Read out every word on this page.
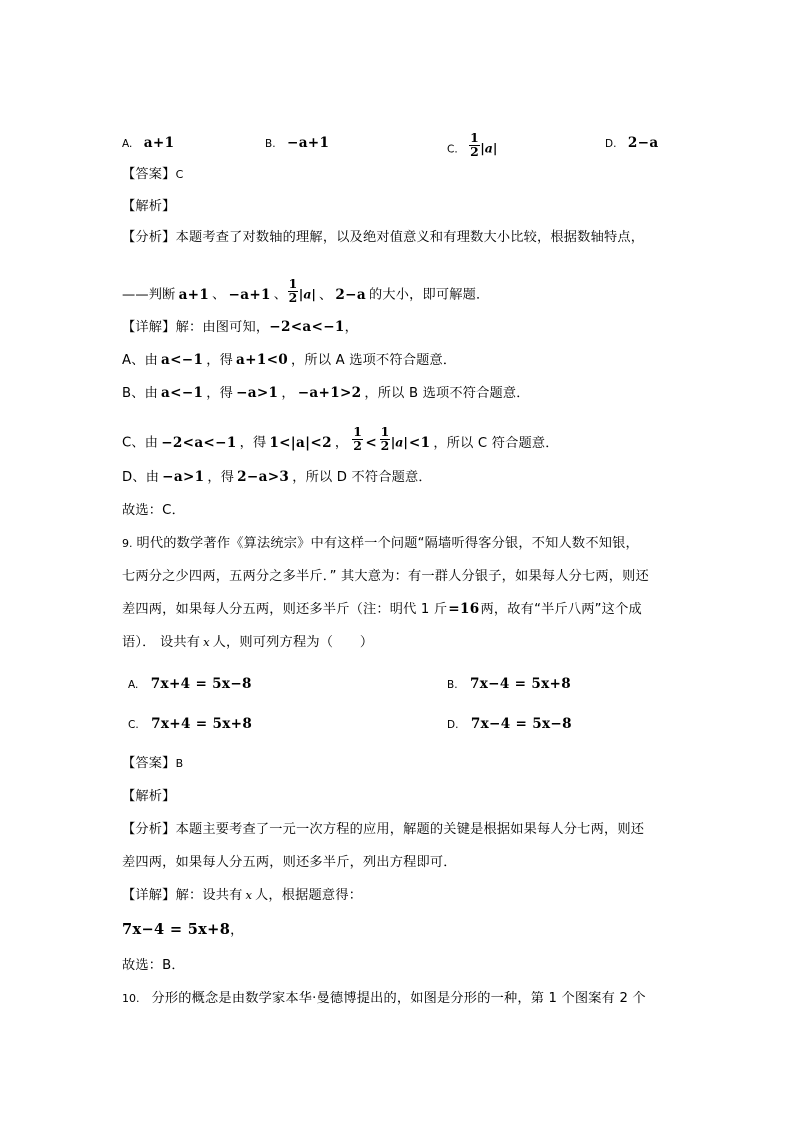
A. a+1	B. −a+1	C. $\frac{1}{2} |a|$	D. 2−a
【答案】C
【解析】
【分析】本题考查了对数轴的理解，以及绝对值意义和有理数大小比较，根据数轴特点，
——判断 a+1 、 −a+1 、 $\frac{1}{2} |a|$ 、 2−a 的大小，即可解题．
【详解】解：由图可知，−2<a<−1，
A、由 a<−1 ，得 a+1<0 ，所以 A 选项不符合题意．
B、由 a<−1 ，得 −a>1 ， −a+1>2 ，所以 B 选项不符合题意．
C、由 −2<a<−1 ，得 1<|a|<2 ， $\frac{1}{2} < \frac{1}{2} |a|<1$ ，所以 C 符合题意．
D、由 −a>1 ，得 2−a>3 ，所以 D 不符合题意．
故选：C．
9. 明代的数学著作《算法统宗》中有这样一个问题“隔墙听得客分银，不知人数不知银，
七两分之少四两，五两分之多半斤．” 其大意为：有一群人分银子，如果每人分七两，则还
差四两，如果每人分五两，则还多半斤（注：明代 1 斤=16两，故有“半斤八两”这个成
语）． 设共有 x 人，则可列方程为（　　）
A. 7x+4 = 5x−8	B. 7x−4 = 5x+8
C. 7x+4 = 5x+8	D. 7x−4 = 5x−8
【答案】B
【解析】
【分析】本题主要考查了一元一次方程的应用，解题的关键是根据如果每人分七两，则还
差四两，如果每人分五两，则还多半斤，列出方程即可．
【详解】解：设共有 x 人，根据题意得：
7x−4 = 5x+8，
故选：B．
10. 分形的概念是由数学家本华·曼德博提出的，如图是分形的一种，第 1 个图案有 2 个
